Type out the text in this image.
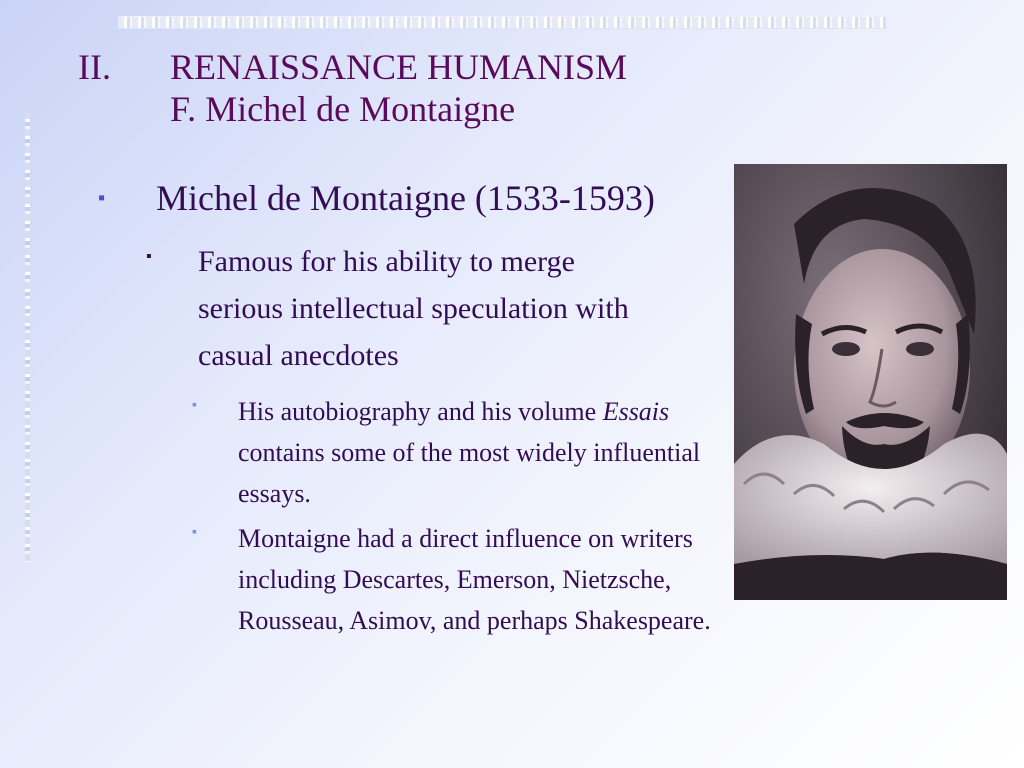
II.	RENAISSANCE HUMANISM
F. Michel de Montaigne
▪	Michel de Montaigne (1533-1593)
▪	Famous for his ability to merge serious intellectual speculation with casual anecdotes
▪	His autobiography and his volume Essais contains some of the most widely influential essays.
▪	Montaigne had a direct influence on writers including Descartes, Emerson, Nietzsche, Rousseau, Asimov, and perhaps Shakespeare.
